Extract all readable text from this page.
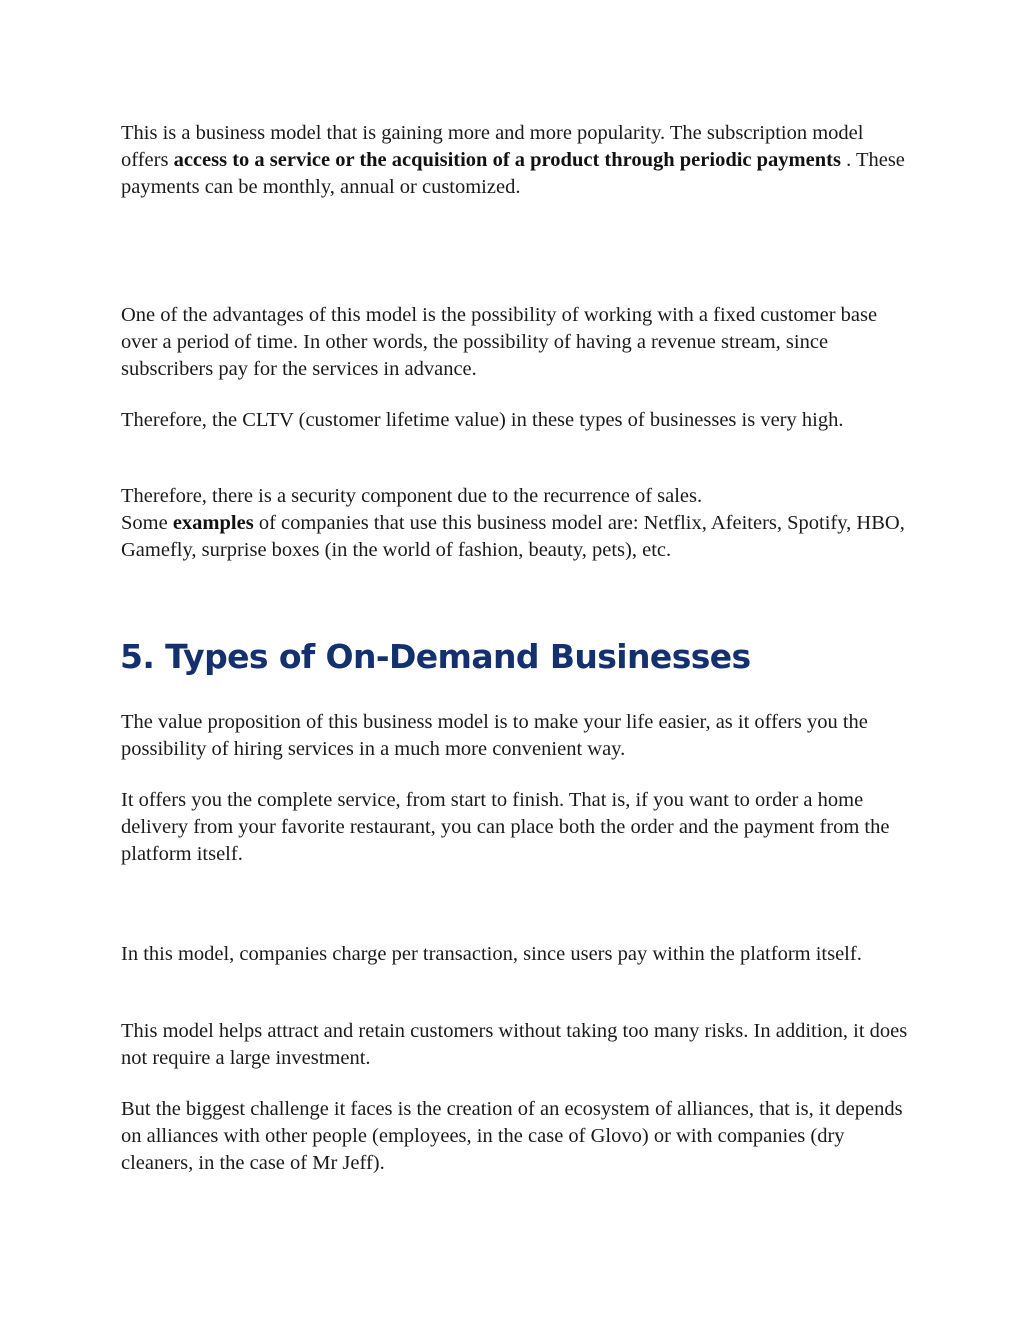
This is a business model that is gaining more and more popularity. The subscription model offers access to a service or the acquisition of a product through periodic payments . These payments can be monthly, annual or customized.

One of the advantages of this model is the possibility of working with a fixed customer base over a period of time. In other words, the possibility of having a revenue stream, since subscribers pay for the services in advance.

Therefore, the CLTV (customer lifetime value) in these types of businesses is very high.

Therefore, there is a security component due to the recurrence of sales.
Some examples of companies that use this business model are: Netflix, Afeiters, Spotify, HBO, Gamefly, surprise boxes (in the world of fashion, beauty, pets), etc.

5. Types of On-Demand Businesses

The value proposition of this business model is to make your life easier, as it offers you the possibility of hiring services in a much more convenient way.

It offers you the complete service, from start to finish. That is, if you want to order a home delivery from your favorite restaurant, you can place both the order and the payment from the platform itself.

In this model, companies charge per transaction, since users pay within the platform itself.

This model helps attract and retain customers without taking too many risks. In addition, it does not require a large investment.

But the biggest challenge it faces is the creation of an ecosystem of alliances, that is, it depends on alliances with other people (employees, in the case of Glovo) or with companies (dry cleaners, in the case of Mr Jeff).
